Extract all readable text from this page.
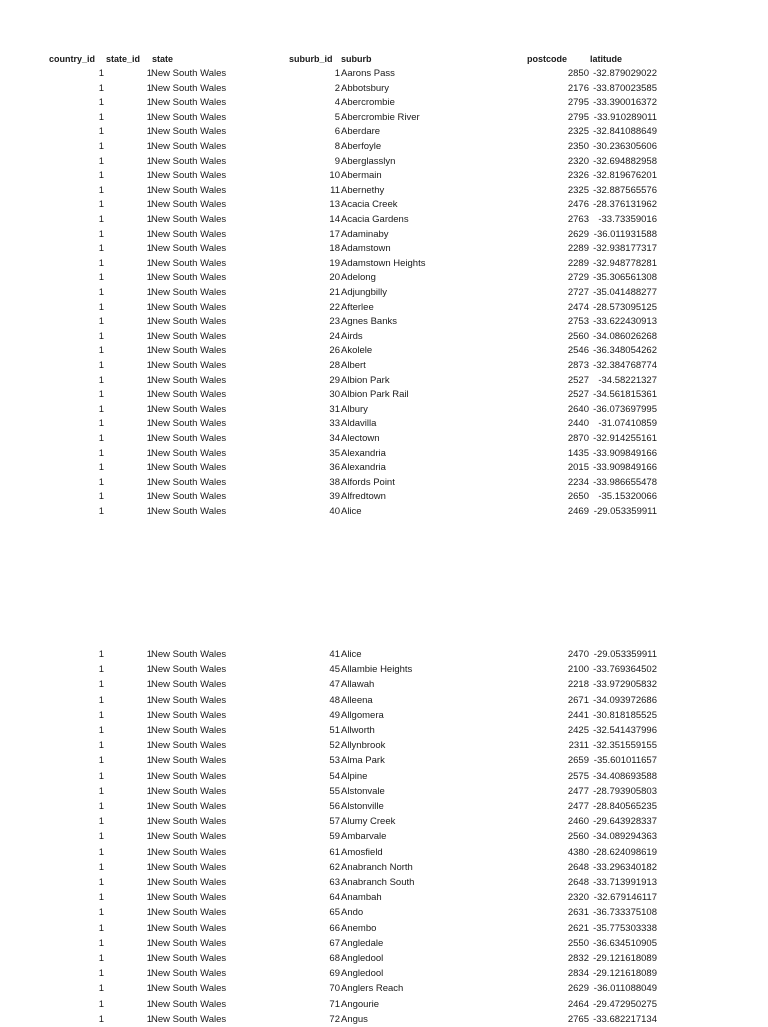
country_id state_id state	suburb_id suburb	postcode	latitude
1	1 New South Wales	1 Aarons Pass	2850 -32.879029022
1	1 New South Wales	2 Abbotsbury	2176 -33.870023585
1	1 New South Wales	4 Abercrombie	2795 -33.390016372
1	1 New South Wales	5 Abercrombie River	2795 -33.910289011
1	1 New South Wales	6 Aberdare	2325 -32.841088649
1	1 New South Wales	8 Aberfoyle	2350 -30.236305606
1	1 New South Wales	9 Aberglasslyn	2320 -32.694882958
1	1 New South Wales	10 Abermain	2326 -32.819676201
1	1 New South Wales	11 Abernethy	2325 -32.887565576
1	1 New South Wales	13 Acacia Creek	2476 -28.376131962
1	1 New South Wales	14 Acacia Gardens	2763 -33.73359016
1	1 New South Wales	17 Adaminaby	2629 -36.011931588
1	1 New South Wales	18 Adamstown	2289 -32.938177317
1	1 New South Wales	19 Adamstown Heights	2289 -32.948778281
1	1 New South Wales	20 Adelong	2729 -35.306561308
1	1 New South Wales	21 Adjungbilly	2727 -35.041488277
1	1 New South Wales	22 Afterlee	2474 -28.573095125
1	1 New South Wales	23 Agnes Banks	2753 -33.622430913
1	1 New South Wales	24 Airds	2560 -34.086026268
1	1 New South Wales	26 Akolele	2546 -36.348054262
1	1 New South Wales	28 Albert	2873 -32.384768774
1	1 New South Wales	29 Albion Park	2527 -34.58221327
1	1 New South Wales	30 Albion Park Rail	2527 -34.561815361
1	1 New South Wales	31 Albury	2640 -36.073697995
1	1 New South Wales	33 Aldavilla	2440 -31.07410859
1	1 New South Wales	34 Alectown	2870 -32.914255161
1	1 New South Wales	35 Alexandria	1435 -33.909849166
1	1 New South Wales	36 Alexandria	2015 -33.909849166
1	1 New South Wales	38 Alfords Point	2234 -33.986655478
1	1 New South Wales	39 Alfredtown	2650 -35.15320066
1	1 New South Wales	40 Alice	2469 -29.053359911
1	1 New South Wales	41 Alice	2470 -29.053359911
1	1 New South Wales	45 Allambie Heights	2100 -33.769364502
1	1 New South Wales	47 Allawah	2218 -33.972905832
1	1 New South Wales	48 Alleena	2671 -34.093972686
1	1 New South Wales	49 Allgomera	2441 -30.818185525
1	1 New South Wales	51 Allworth	2425 -32.541437996
1	1 New South Wales	52 Allynbrook	2311 -32.351559155
1	1 New South Wales	53 Alma Park	2659 -35.601011657
1	1 New South Wales	54 Alpine	2575 -34.408693588
1	1 New South Wales	55 Alstonvale	2477 -28.793905803
1	1 New South Wales	56 Alstonville	2477 -28.840565235
1	1 New South Wales	57 Alumy Creek	2460 -29.643928337
1	1 New South Wales	59 Ambarvale	2560 -34.089294363
1	1 New South Wales	61 Amosfield	4380 -28.624098619
1	1 New South Wales	62 Anabranch North	2648 -33.296340182
1	1 New South Wales	63 Anabranch South	2648 -33.713991913
1	1 New South Wales	64 Anambah	2320 -32.679146117
1	1 New South Wales	65 Ando	2631 -36.733375108
1	1 New South Wales	66 Anembo	2621 -35.775303338
1	1 New South Wales	67 Angledale	2550 -36.634510905
1	1 New South Wales	68 Angledool	2832 -29.121618089
1	1 New South Wales	69 Angledool	2834 -29.121618089
1	1 New South Wales	70 Anglers Reach	2629 -36.011088049
1	1 New South Wales	71 Angourie	2464 -29.472950275
1	1 New South Wales	72 Angus	2765 -33.682217134
